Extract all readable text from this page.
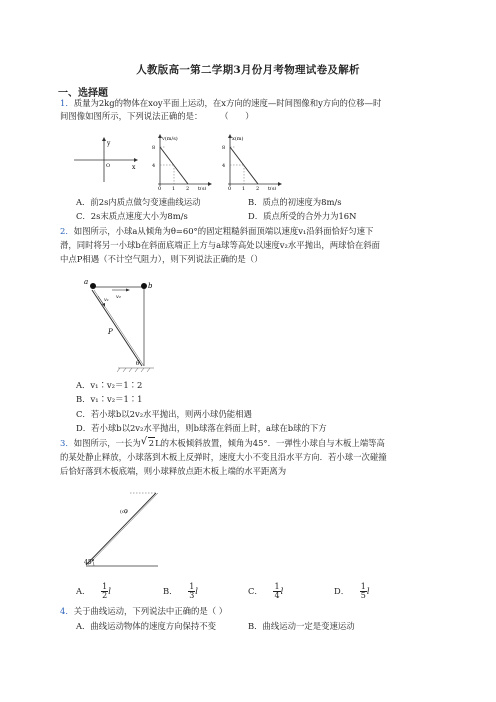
人教版高一第二学期3月份月考物理试卷及解析
一、选择题
1．质量为2kg的物体在xoy平面上运动，在x方向的速度—时间图像和y方向的位移—时
间图像如图所示，下列说法正确的是：	（　　）
y
x
O
v(m/s)
8
4
0 1 2 t(s)
x(m)
8
4
0 1 2 t(s)
A．前2s内质点做匀变速曲线运动	B．质点的初速度为8m/s
C．2s末质点速度大小为8m/s	D．质点所受的合外力为16N
2．如图所示，小球a从倾角为θ=60°的固定粗糙斜面顶端以速度v₁沿斜面恰好匀速下
滑，同时将另一小球b在斜面底端正上方与a球等高处以速度v₂水平抛出，两球恰在斜面
中点P相遇（不计空气阻力），则下列说法正确的是（）
a	b
v₂
v₁
P
θ
A．v₁∶v₂＝1∶2
B．v₁∶v₂＝1∶1
C．若小球b以2v₂水平抛出，则两小球仍能相遇
D．若小球b以2v₂水平抛出，则b球落在斜面上时，a球在b球的下方
3．如图所示，一长为 √ 2L的木板倾斜放置，倾角为45°．一弹性小球自与木板上端等高
的某处静止释放，小球落到木板上反弹时，速度大小不变且沿水平方向．若小球一次碰撞
后恰好落到木板底端，则小球释放点距木板上端的水平距离为
(o)
45°
A． $\frac{1}{2}$ l	B． $\frac{1}{3}$ l	C． $\frac{1}{4}$ l	D． $\frac{1}{5}$ l
4．关于曲线运动，下列说法中正确的是（ ）
A．曲线运动物体的速度方向保持不变	B．曲线运动一定是变速运动
